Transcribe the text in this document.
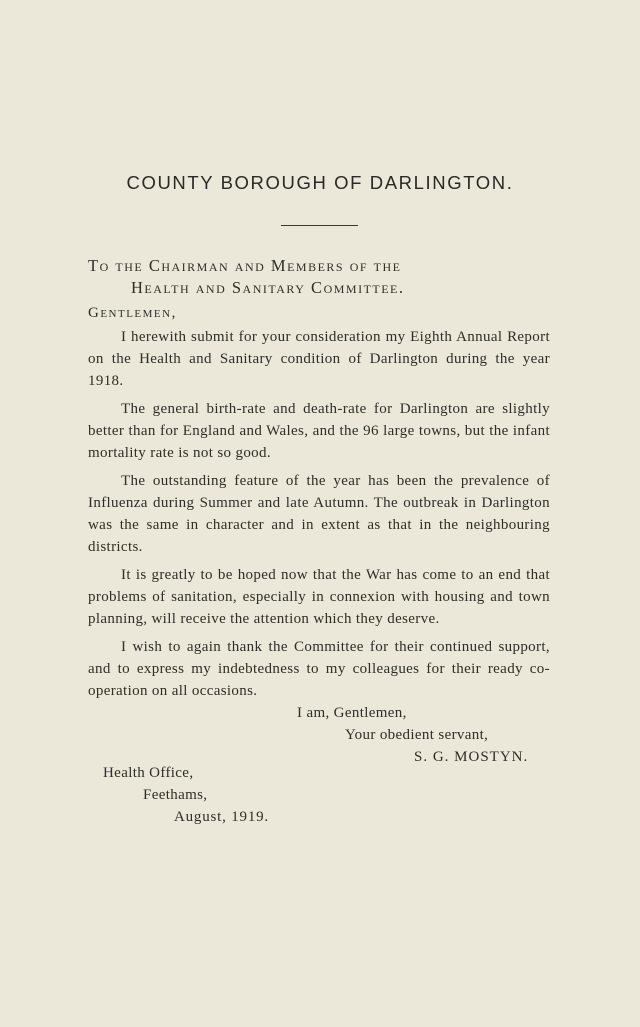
COUNTY BOROUGH OF DARLINGTON.
To the Chairman and Members of the
Health and Sanitary Committee.
Gentlemen,

I herewith submit for your consideration my Eighth Annual Report on the Health and Sanitary condition of Darlington during the year 1918.

The general birth-rate and death-rate for Darlington are slightly better than for England and Wales, and the 96 large towns, but the infant mortality rate is not so good.

The outstanding feature of the year has been the prevalence of Influenza during Summer and late Autumn. The outbreak in Darlington was the same in character and in extent as that in the neighbouring districts.

It is greatly to be hoped now that the War has come to an end that problems of sanitation, especially in connexion with housing and town planning, will receive the attention which they deserve.

I wish to again thank the Committee for their continued support, and to express my indebtedness to my colleagues for their ready co-operation on all occasions.

I am, Gentlemen,
Your obedient servant,
S. G. MOSTYN.
Health Office,
Feethams,
August, 1919.
